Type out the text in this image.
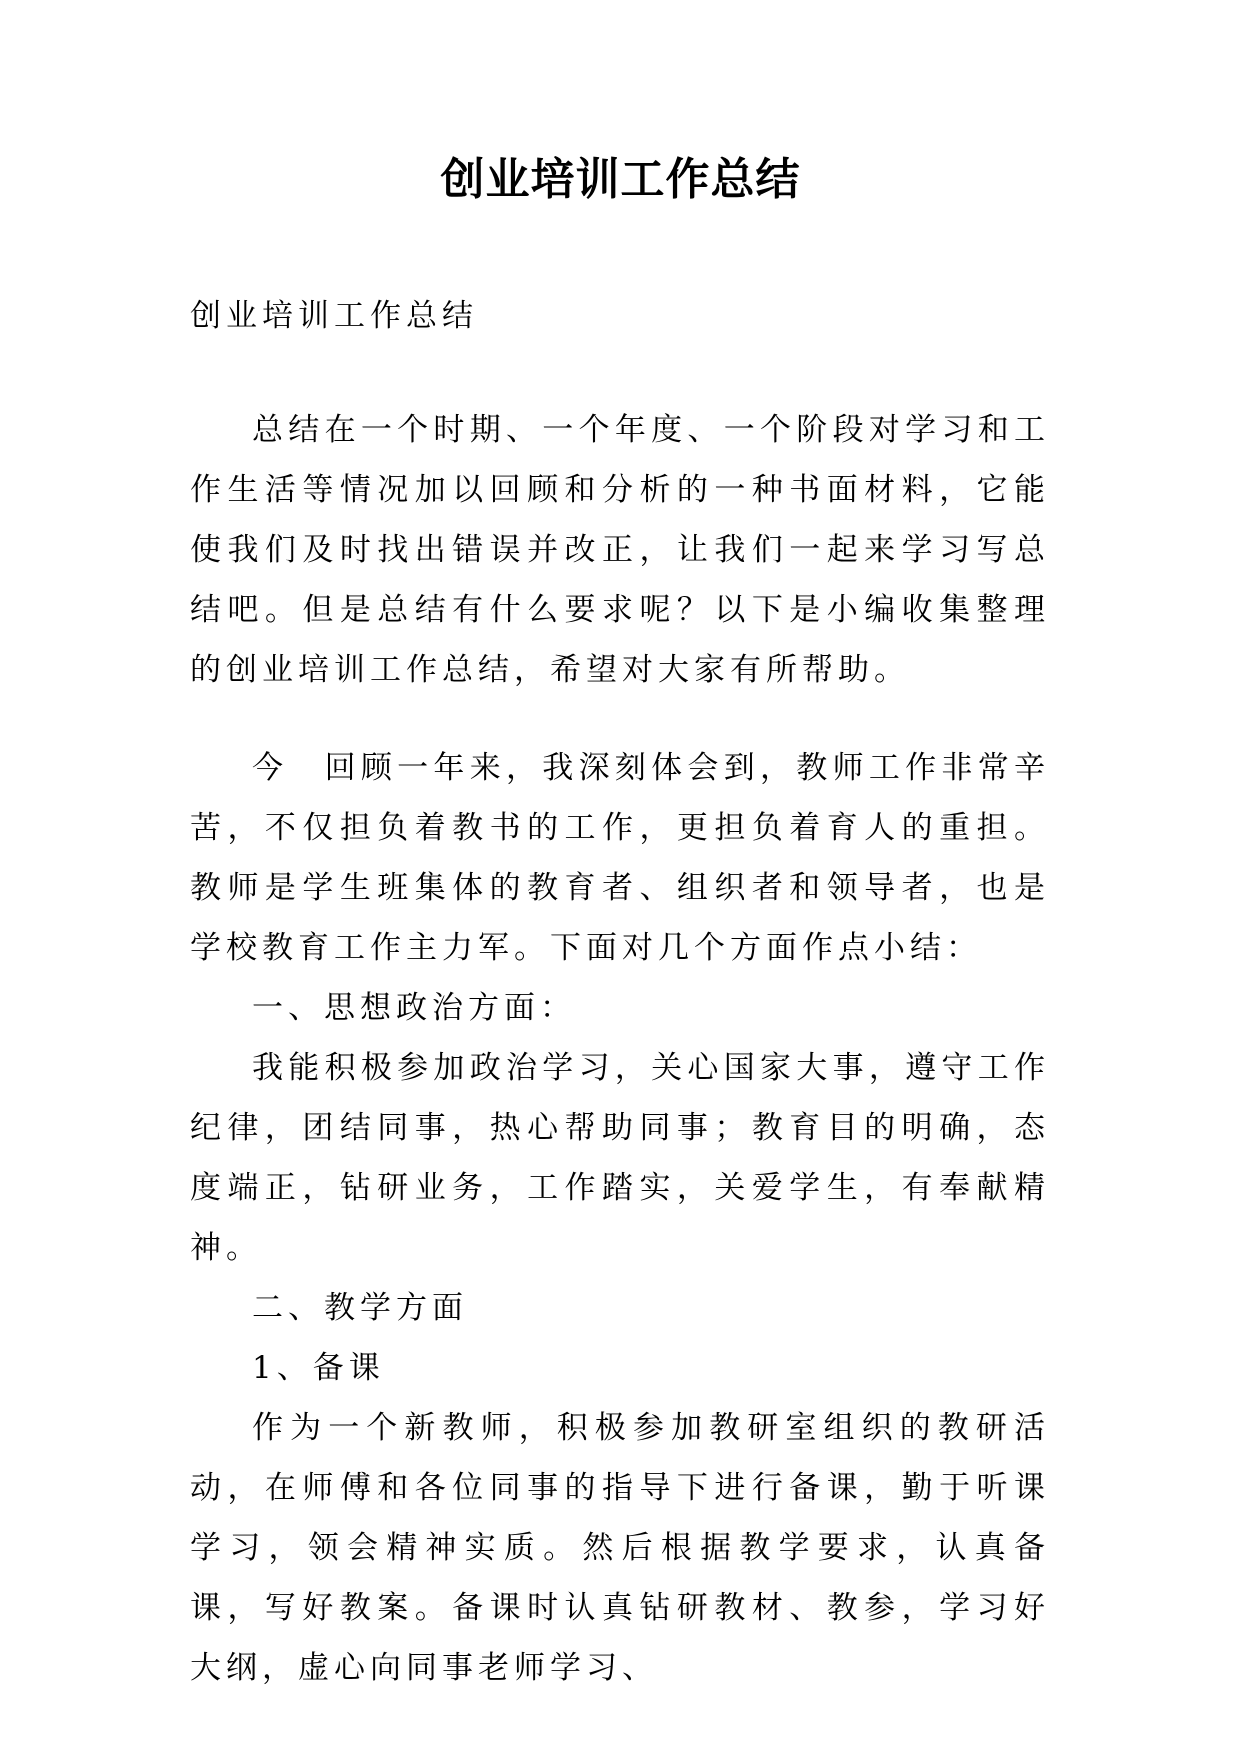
创业培训工作总结
创业培训工作总结

总结在一个时期、一个年度、一个阶段对学习和工作生活等情况加以回顾和分析的一种书面材料，它能使我们及时找出错误并改正，让我们一起来学习写总结吧。但是总结有什么要求呢？以下是小编收集整理的创业培训工作总结，希望对大家有所帮助。

今　回顾一年来，我深刻体会到，教师工作非常辛苦，不仅担负着教书的工作，更担负着育人的重担。教师是学生班集体的教育者、组织者和领导者，也是学校教育工作主力军。下面对几个方面作点小结：

一、思想政治方面：

我能积极参加政治学习，关心国家大事，遵守工作纪律，团结同事，热心帮助同事；教育目的明确，态度端正，钻研业务，工作踏实，关爱学生，有奉献精神。

二、教学方面

1、备课

作为一个新教师，积极参加教研室组织的教研活动，在师傅和各位同事的指导下进行备课，勤于听课学习，领会精神实质。然后根据教学要求，认真备课，写好教案。备课时认真钻研教材、教参，学习好大纲，虚心向同事老师学习、
